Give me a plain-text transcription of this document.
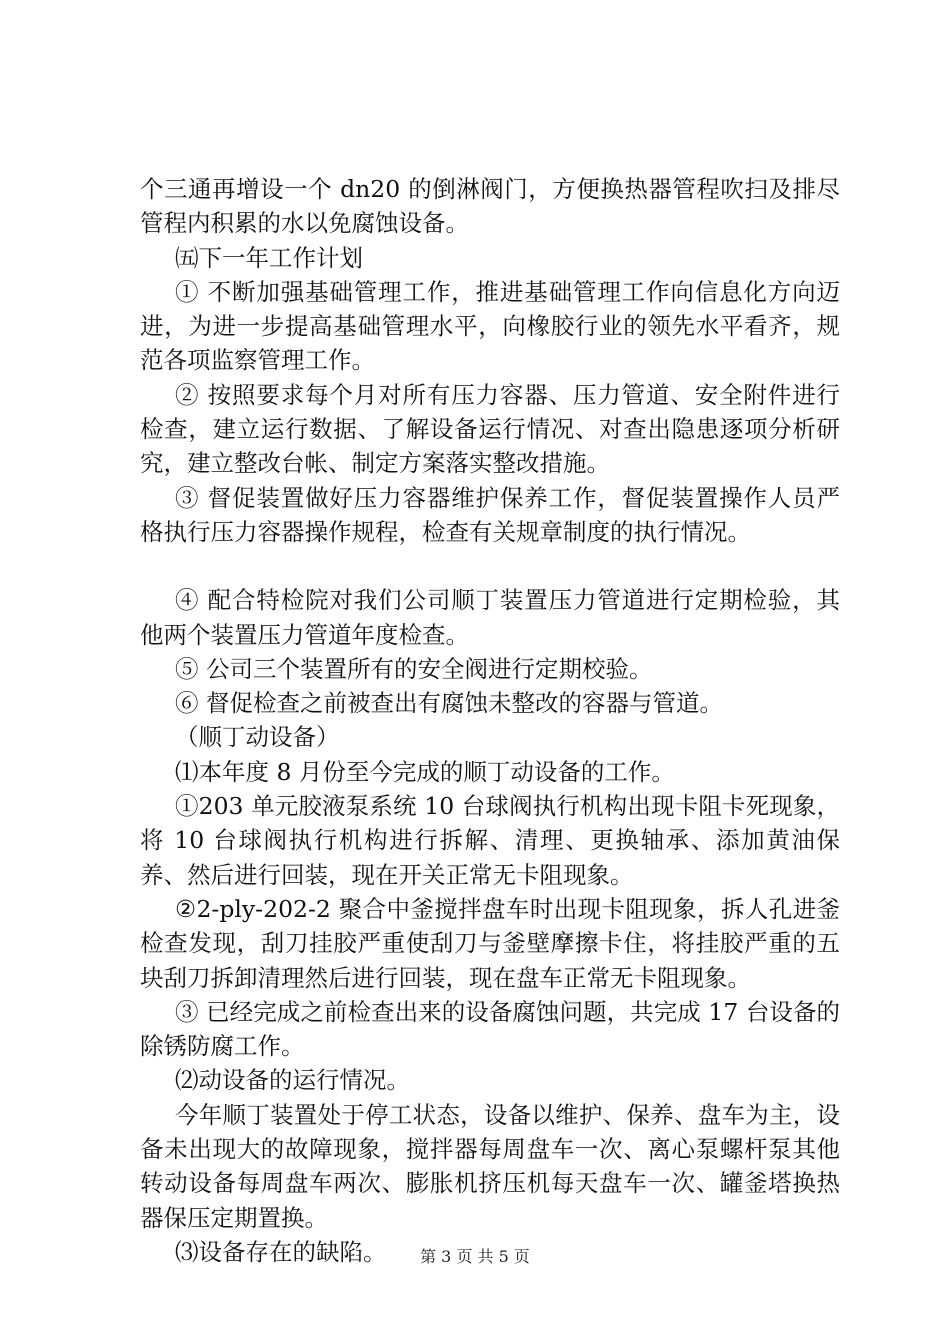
个三通再增设一个 dn20 的倒淋阀门，方便换热器管程吹扫及排尽管程内积累的水以免腐蚀设备。

㈤下一年工作计划

① 不断加强基础管理工作，推进基础管理工作向信息化方向迈进，为进一步提高基础管理水平，向橡胶行业的领先水平看齐，规范各项监察管理工作。

② 按照要求每个月对所有压力容器、压力管道、安全附件进行检查，建立运行数据、了解设备运行情况、对查出隐患逐项分析研究，建立整改台帐、制定方案落实整改措施。

③ 督促装置做好压力容器维护保养工作，督促装置操作人员严格执行压力容器操作规程，检查有关规章制度的执行情况。

④ 配合特检院对我们公司顺丁装置压力管道进行定期检验，其他两个装置压力管道年度检查。

⑤ 公司三个装置所有的安全阀进行定期校验。

⑥ 督促检查之前被查出有腐蚀未整改的容器与管道。

（顺丁动设备）

⑴本年度 8 月份至今完成的顺丁动设备的工作。

①203 单元胶液泵系统 10 台球阀执行机构出现卡阻卡死现象，将 10 台球阀执行机构进行拆解、清理、更换轴承、添加黄油保养、然后进行回装，现在开关正常无卡阻现象。

②2-ply-202-2 聚合中釜搅拌盘车时出现卡阻现象，拆人孔进釜检查发现，刮刀挂胶严重使刮刀与釜壁摩擦卡住，将挂胶严重的五块刮刀拆卸清理然后进行回装，现在盘车正常无卡阻现象。

③ 已经完成之前检查出来的设备腐蚀问题，共完成 17 台设备的除锈防腐工作。

⑵动设备的运行情况。

今年顺丁装置处于停工状态，设备以维护、保养、盘车为主，设备未出现大的故障现象，搅拌器每周盘车一次、离心泵螺杆泵其他转动设备每周盘车两次、膨胀机挤压机每天盘车一次、罐釜塔换热器保压定期置换。

⑶设备存在的缺陷。	第 3 页 共 5 页
